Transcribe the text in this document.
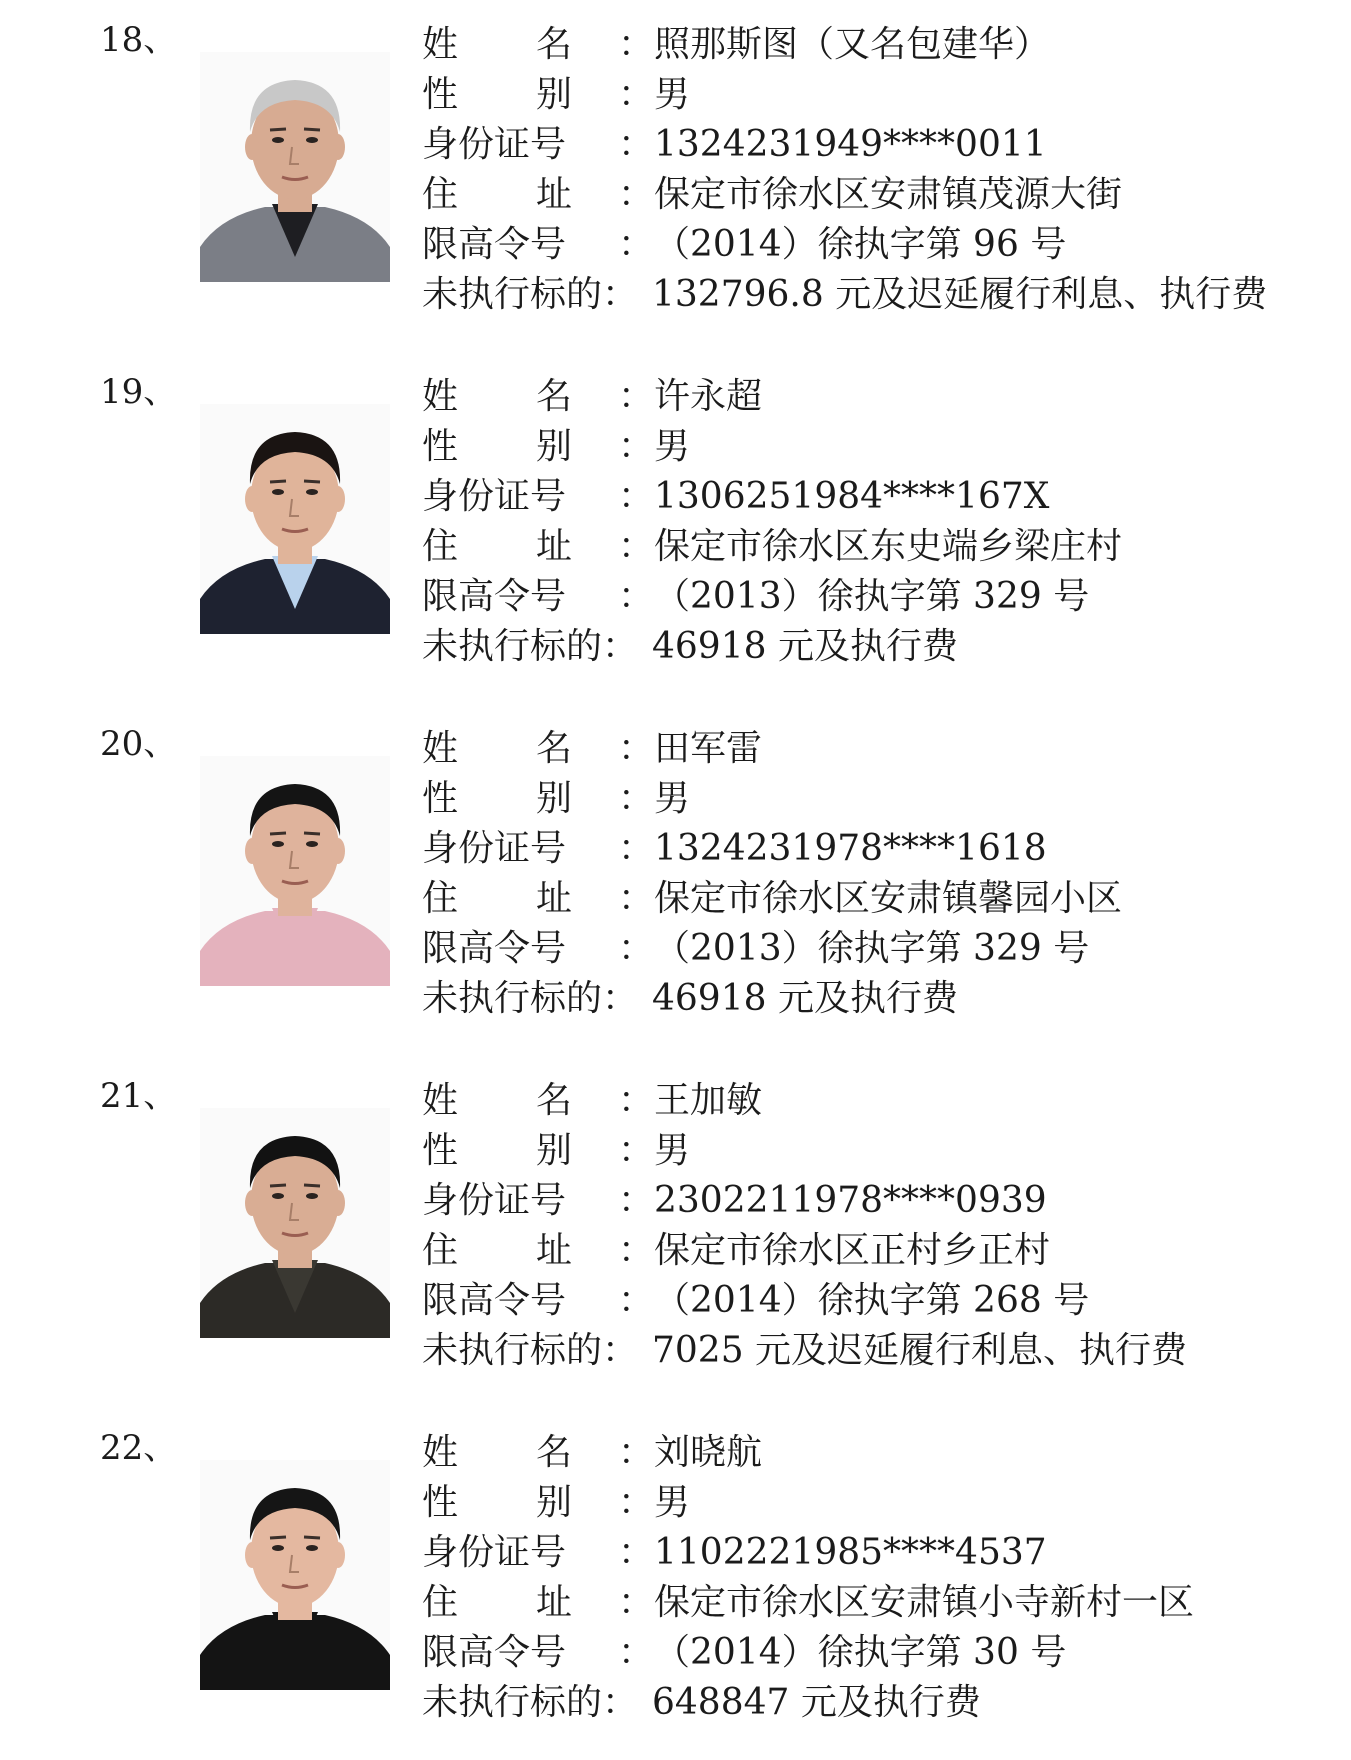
18、	姓 名 ： 照那斯图（又名包建华）
性 别 ： 男
身份证号 ： 1324231949****0011
住 址 ： 保定市徐水区安肃镇茂源大街
限高令号 ： （2014）徐执字第 96 号
未执行标的： 132796.8 元及迟延履行利息、执行费
19、	姓 名 ： 许永超
性 别 ： 男
身份证号 ： 1306251984****167X
住 址 ： 保定市徐水区东史端乡梁庄村
限高令号 ： （2013）徐执字第 329 号
未执行标的： 46918 元及执行费
20、	姓 名 ： 田军雷
性 别 ： 男
身份证号 ： 1324231978****1618
住 址 ： 保定市徐水区安肃镇馨园小区
限高令号 ： （2013）徐执字第 329 号
未执行标的： 46918 元及执行费
21、	姓 名 ： 王加敏
性 别 ： 男
身份证号 ： 2302211978****0939
住 址 ： 保定市徐水区正村乡正村
限高令号 ： （2014）徐执字第 268 号
未执行标的： 7025 元及迟延履行利息、执行费
22、	姓 名 ： 刘晓航
性 别 ： 男
身份证号 ： 1102221985****4537
住 址 ： 保定市徐水区安肃镇小寺新村一区
限高令号 ： （2014）徐执字第 30 号
未执行标的： 648847 元及执行费
